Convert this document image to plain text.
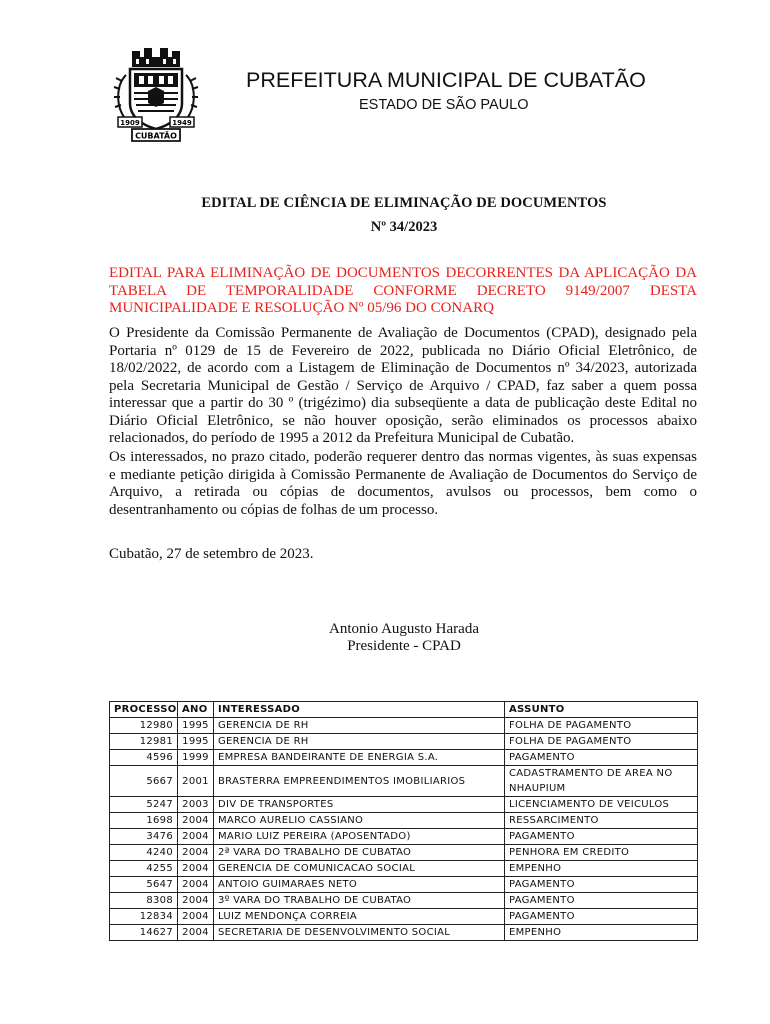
1909	1949
CUBATÃO
PREFEITURA MUNICIPAL DE CUBATÃO
ESTADO DE SÃO PAULO
EDITAL DE CIÊNCIA DE ELIMINAÇÃO DE DOCUMENTOS
Nº 34/2023
EDITAL PARA ELIMINAÇÃO DE DOCUMENTOS DECORRENTES DA APLICAÇÃO DA TABELA DE TEMPORALIDADE CONFORME DECRETO 9149/2007 DESTA MUNICIPALIDADE E RESOLUÇÃO Nº 05/96 DO CONARQ
O Presidente da Comissão Permanente de Avaliação de Documentos (CPAD), designado pela Portaria nº 0129 de 15 de Fevereiro de 2022, publicada no Diário Oficial Eletrônico, de 18/02/2022, de acordo com a Listagem de Eliminação de Documentos nº 34/2023, autorizada pela Secretaria Municipal de Gestão / Serviço de Arquivo / CPAD, faz saber a quem possa interessar que a partir do 30 º (trigézimo) dia subseqüente a data de publicação deste Edital no Diário Oficial Eletrônico, se não houver oposição, serão eliminados os processos abaixo relacionados, do período de 1995 a 2012 da Prefeitura Municipal de Cubatão.
Os interessados, no prazo citado, poderão requerer dentro das normas vigentes, às suas expensas e mediante petição dirigida à Comissão Permanente de Avaliação de Documentos do Serviço de Arquivo, a retirada ou cópias de documentos, avulsos ou processos, bem como o desentranhamento ou cópias de folhas de um processo.
Cubatão, 27 de setembro de 2023.
Antonio Augusto Harada
Presidente - CPAD
PROCESSO	ANO	INTERESSADO	ASSUNTO
12980	1995	GERENCIA DE RH	FOLHA DE PAGAMENTO
12981	1995	GERENCIA DE RH	FOLHA DE PAGAMENTO
4596	1999	EMPRESA BANDEIRANTE DE ENERGIA S.A.	PAGAMENTO
5667	2001	BRASTERRA EMPREENDIMENTOS IMOBILIARIOS	CADASTRAMENTO DE AREA NO NHAUPIUM
5247	2003	DIV DE TRANSPORTES	LICENCIAMENTO DE VEICULOS
1698	2004	MARCO AURELIO CASSIANO	RESSARCIMENTO
3476	2004	MARIO LUIZ PEREIRA (APOSENTADO)	PAGAMENTO
4240	2004	2ª VARA DO TRABALHO DE CUBATAO	PENHORA EM CREDITO
4255	2004	GERENCIA DE COMUNICACAO SOCIAL	EMPENHO
5647	2004	ANTOIO GUIMARAES NETO	PAGAMENTO
8308	2004	3º VARA DO TRABALHO DE CUBATAO	PAGAMENTO
12834	2004	LUIZ MENDONÇA CORREIA	PAGAMENTO
14627	2004	SECRETARIA DE DESENVOLVIMENTO SOCIAL	EMPENHO
